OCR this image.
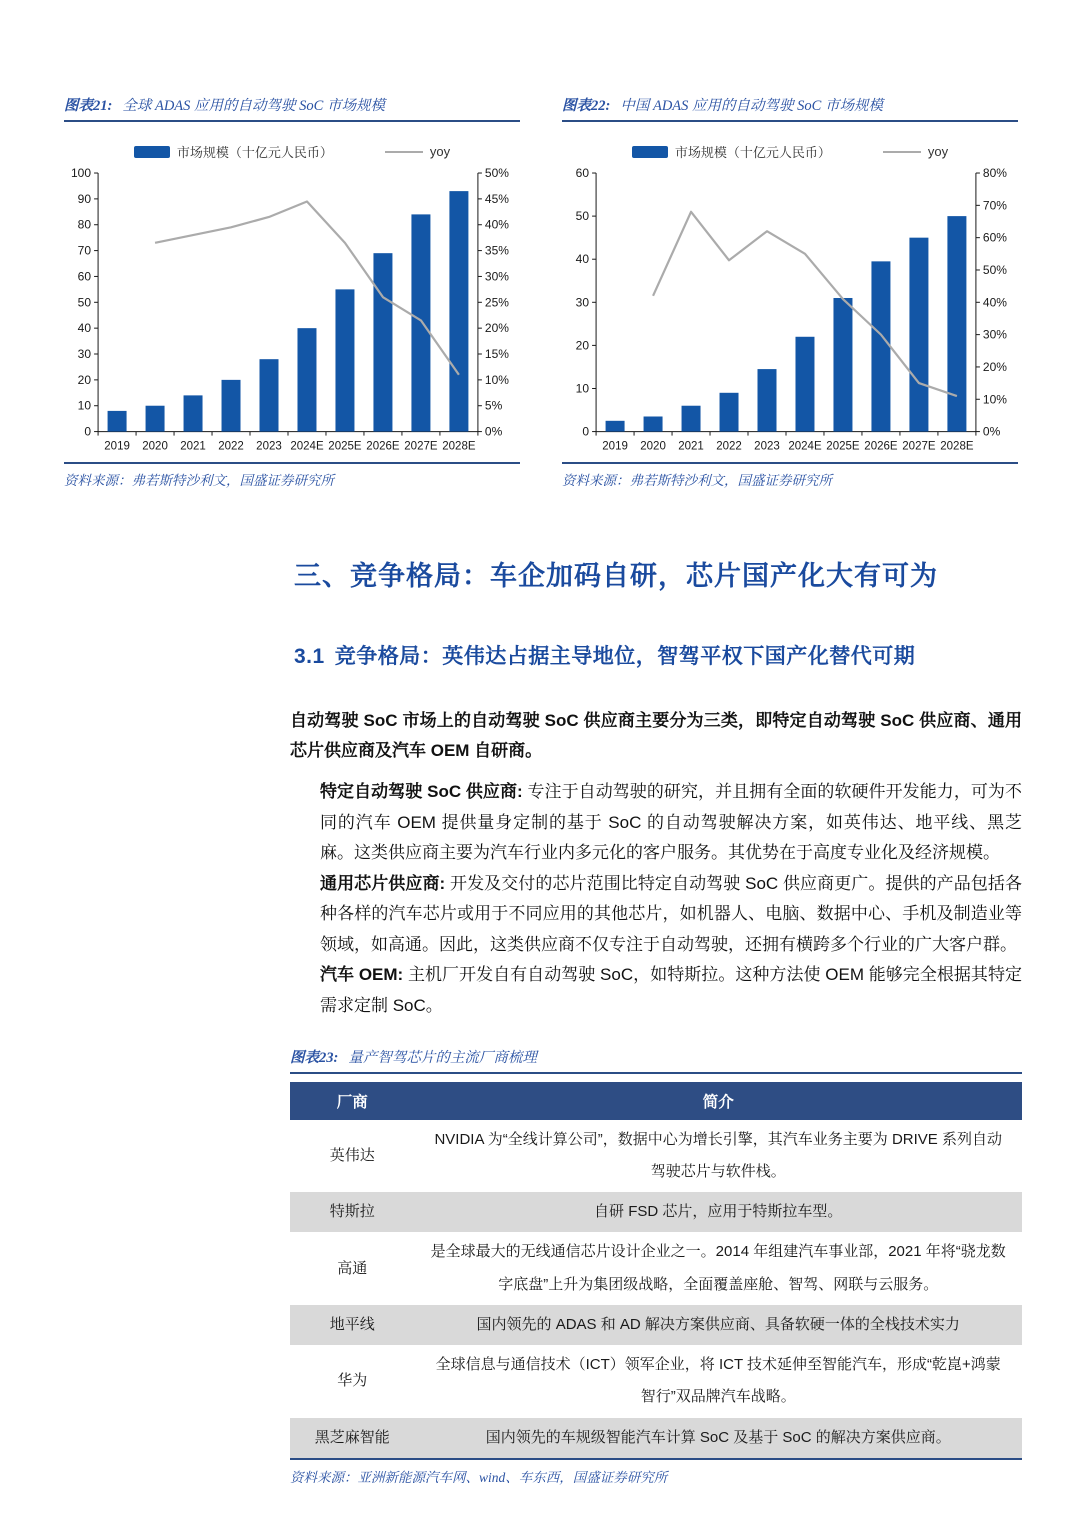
图表21: 全球 ADAS 应用的自动驾驶 SoC 市场规模
市场规模（十亿元人民币）	yoy
0
10
20
30
40
50
60
70
80
90
100
0%
5%
10%
15%
20%
25%
30%
35%
40%
45%
50%
2019 2020 2021 2022 2023 2024E 2025E 2026E 2027E 2028E
资料来源：弗若斯特沙利文，国盛证券研究所
图表22: 中国 ADAS 应用的自动驾驶 SoC 市场规模
市场规模（十亿元人民币）	yoy
0
10
20
30
40
50
60
0%
10%
20%
30%
40%
50%
60%
70%
80%
2019 2020 2021 2022 2023 2024E 2025E 2026E 2027E 2028E
资料来源：弗若斯特沙利文，国盛证券研究所
三、竞争格局：车企加码自研，芯片国产化大有可为
3.1 竞争格局：英伟达占据主导地位，智驾平权下国产化替代可期

自动驾驶 SoC 市场上的自动驾驶 SoC 供应商主要分为三类，即特定自动驾驶 SoC 供应商、通用芯片供应商及汽车 OEM 自研商。

特定自动驾驶 SoC 供应商: 专注于自动驾驶的研究，并且拥有全面的软硬件开发能力，可为不同的汽车 OEM 提供量身定制的基于 SoC 的自动驾驶解决方案，如英伟达、地平线、黑芝麻。这类供应商主要为汽车行业内多元化的客户服务。其优势在于高度专业化及经济规模。

通用芯片供应商: 开发及交付的芯片范围比特定自动驾驶 SoC 供应商更广。提供的产品包括各种各样的汽车芯片或用于不同应用的其他芯片，如机器人、电脑、数据中心、手机及制造业等领域，如高通。因此，这类供应商不仅专注于自动驾驶，还拥有横跨多个行业的广大客户群。

汽车 OEM: 主机厂开发自有自动驾驶 SoC，如特斯拉。这种方法使 OEM 能够完全根据其特定需求定制 SoC。

图表23: 量产智驾芯片的主流厂商梳理
厂商	简介
英伟达	NVIDIA 为“全线计算公司”，数据中心为增长引擎，其汽车业务主要为 DRIVE 系列自动驾驶芯片与软件栈。
特斯拉	自研 FSD 芯片，应用于特斯拉车型。
高通	是全球最大的无线通信芯片设计企业之一。2014 年组建汽车事业部，2021 年将“骁龙数字底盘”上升为集团级战略，全面覆盖座舱、智驾、网联与云服务。
地平线	国内领先的 ADAS 和 AD 解决方案供应商、具备软硬一体的全栈技术实力
华为	全球信息与通信技术（ICT）领军企业，将 ICT 技术延伸至智能汽车，形成“乾崑+鸿蒙智行”双品牌汽车战略。
黑芝麻智能	国内领先的车规级智能汽车计算 SoC 及基于 SoC 的解决方案供应商。
资料来源：亚洲新能源汽车网、wind、车东西，国盛证券研究所
